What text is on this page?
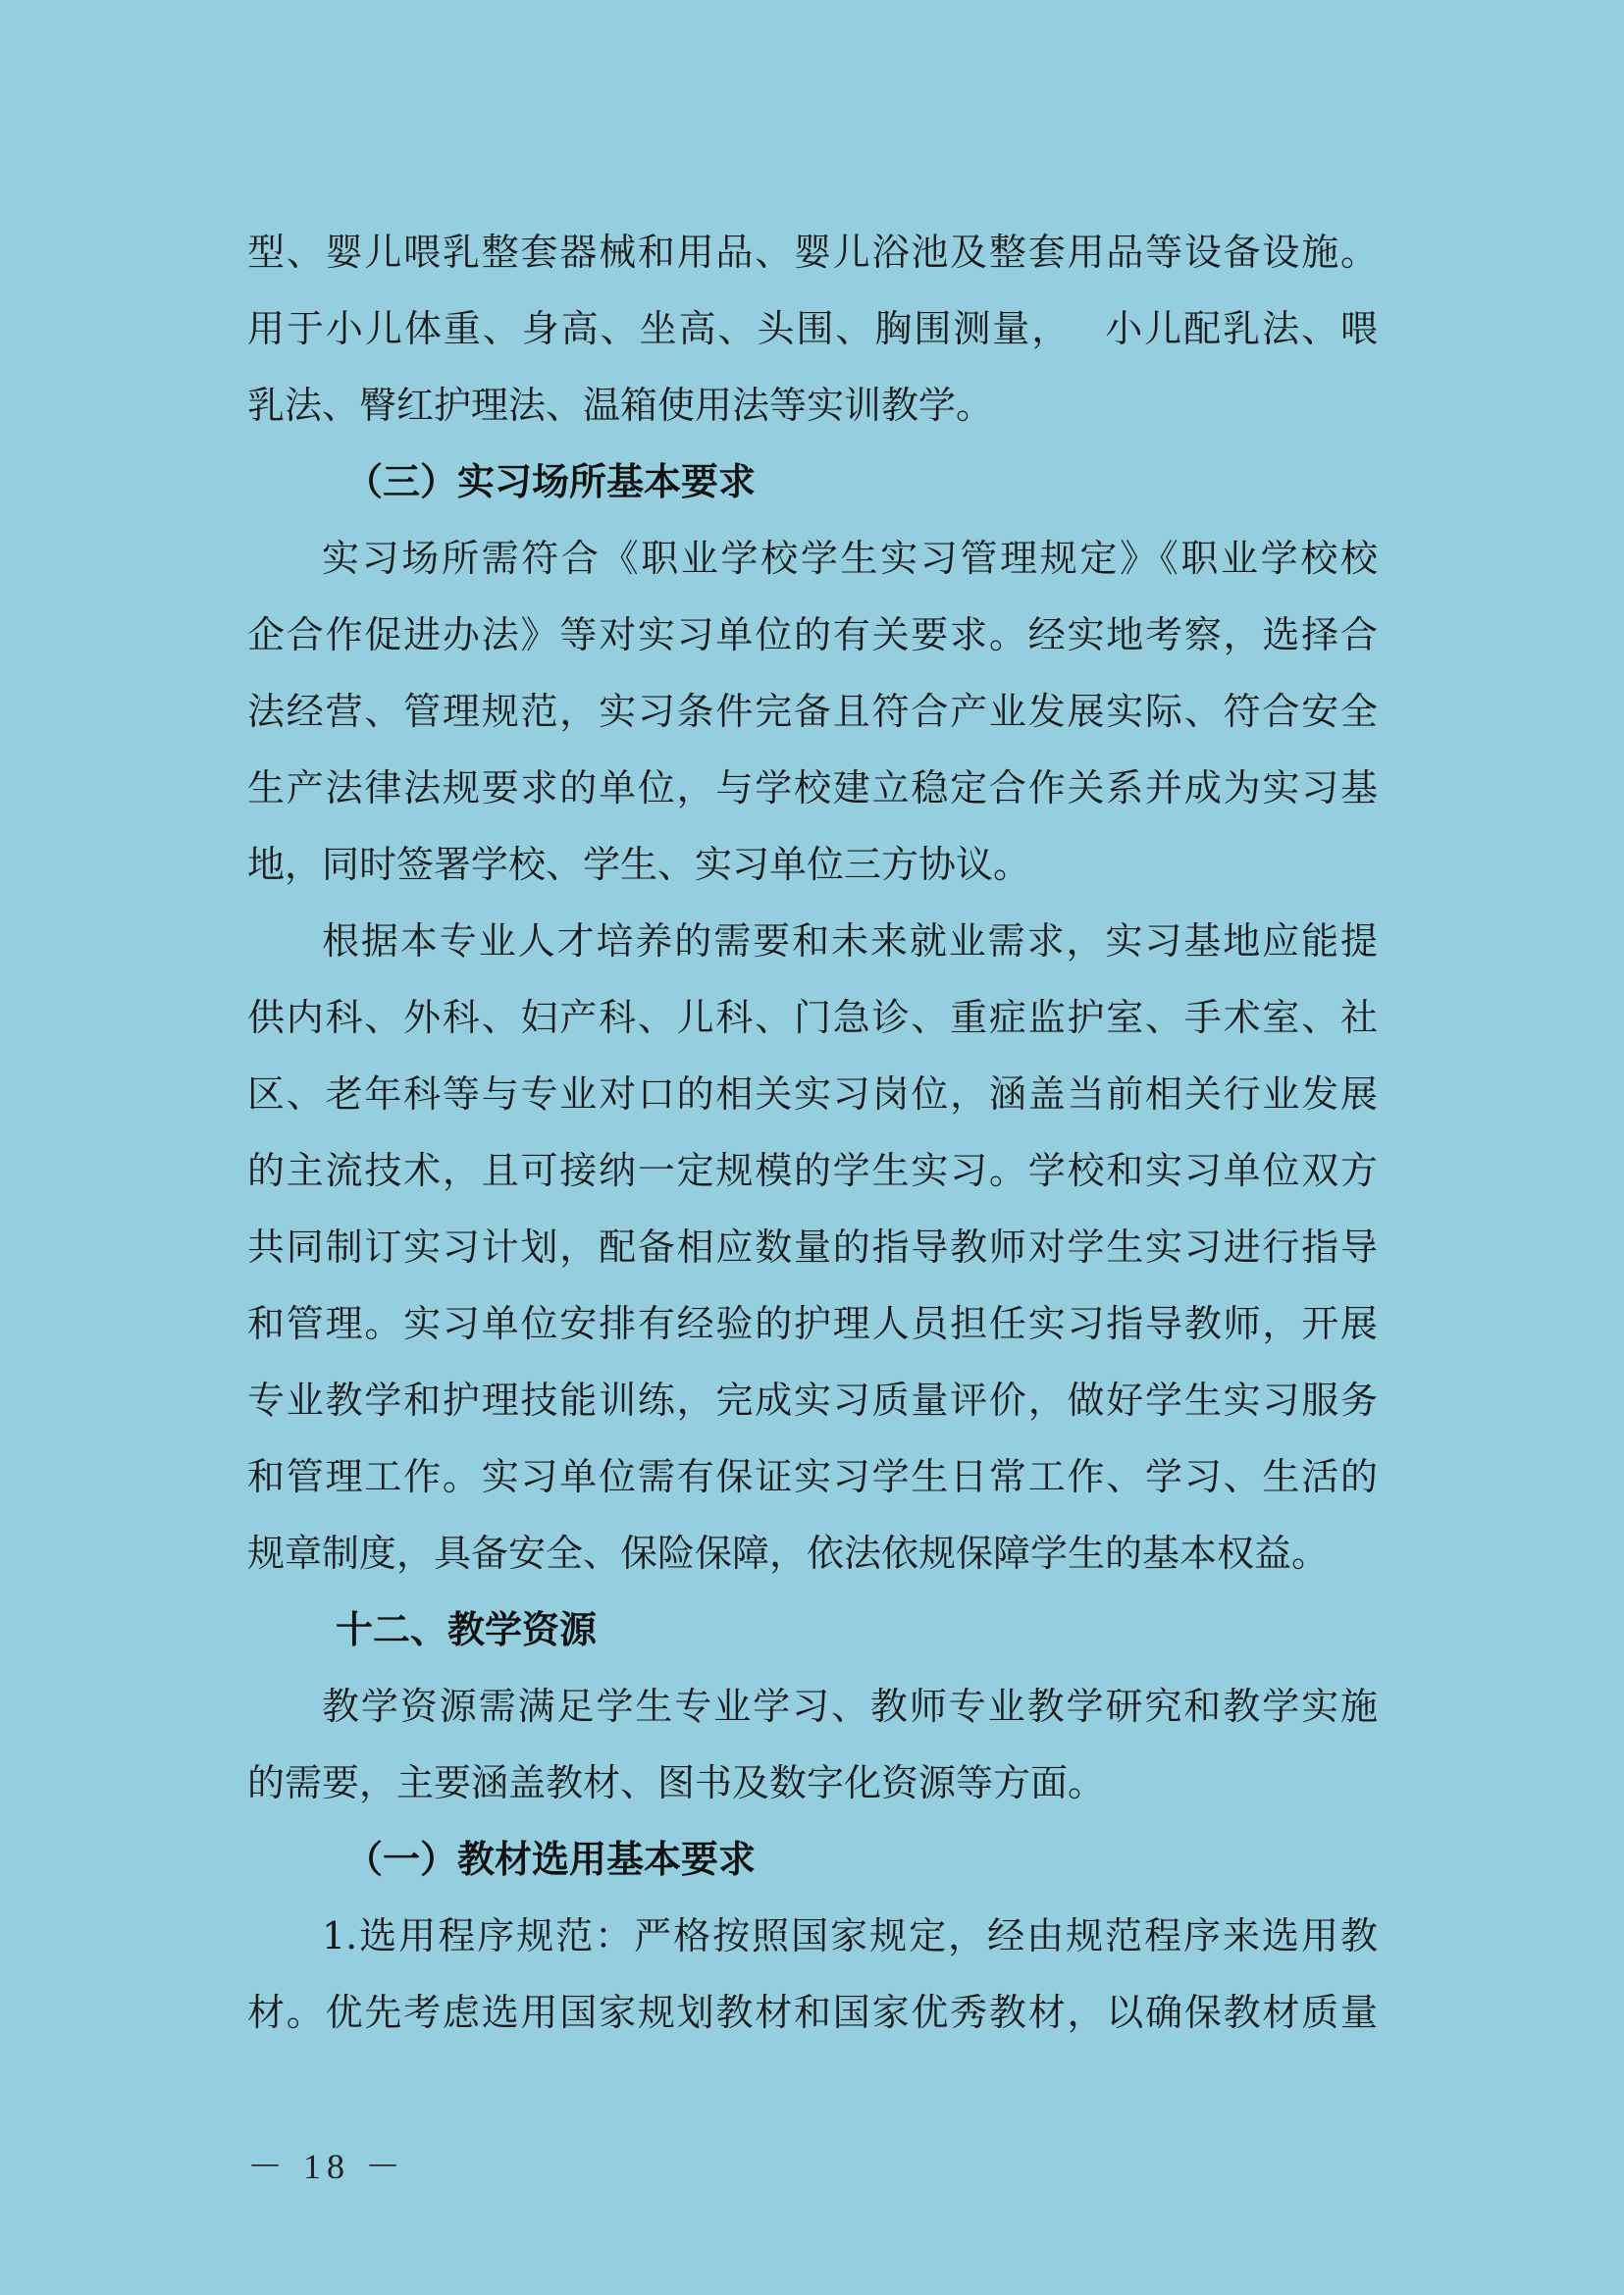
型、婴儿喂乳整套器械和用品、婴儿浴池及整套用品等设备设施。
用于小儿体重、身高、坐高、头围、胸围测量，　 小儿配乳法、喂
乳法、臀红护理法、温箱使用法等实训教学。
（三）实习场所基本要求
实习场所需符合《职业学校学生实习管理规定》《职业学校校
企合作促进办法》等对实习单位的有关要求。经实地考察，选择合
法经营、管理规范，实习条件完备且符合产业发展实际、符合安全
生产法律法规要求的单位，与学校建立稳定合作关系并成为实习基
地，同时签署学校、学生、实习单位三方协议。
根据本专业人才培养的需要和未来就业需求，实习基地应能提
供内科、外科、妇产科、儿科、门急诊、重症监护室、手术室、社
区、老年科等与专业对口的相关实习岗位，涵盖当前相关行业发展
的主流技术，且可接纳一定规模的学生实习。学校和实习单位双方
共同制订实习计划，配备相应数量的指导教师对学生实习进行指导
和管理。实习单位安排有经验的护理人员担任实习指导教师，开展
专业教学和护理技能训练，完成实习质量评价，做好学生实习服务
和管理工作。实习单位需有保证实习学生日常工作、学习、生活的
规章制度，具备安全、保险保障，依法依规保障学生的基本权益。
十二、教学资源
教学资源需满足学生专业学习、教师专业教学研究和教学实施
的需要，主要涵盖教材、图书及数字化资源等方面。
（一）教材选用基本要求
1.选用程序规范：严格按照国家规定，经由规范程序来选用教
材。优先考虑选用国家规划教材和国家优秀教材，以确保教材质量
－ 18 －
